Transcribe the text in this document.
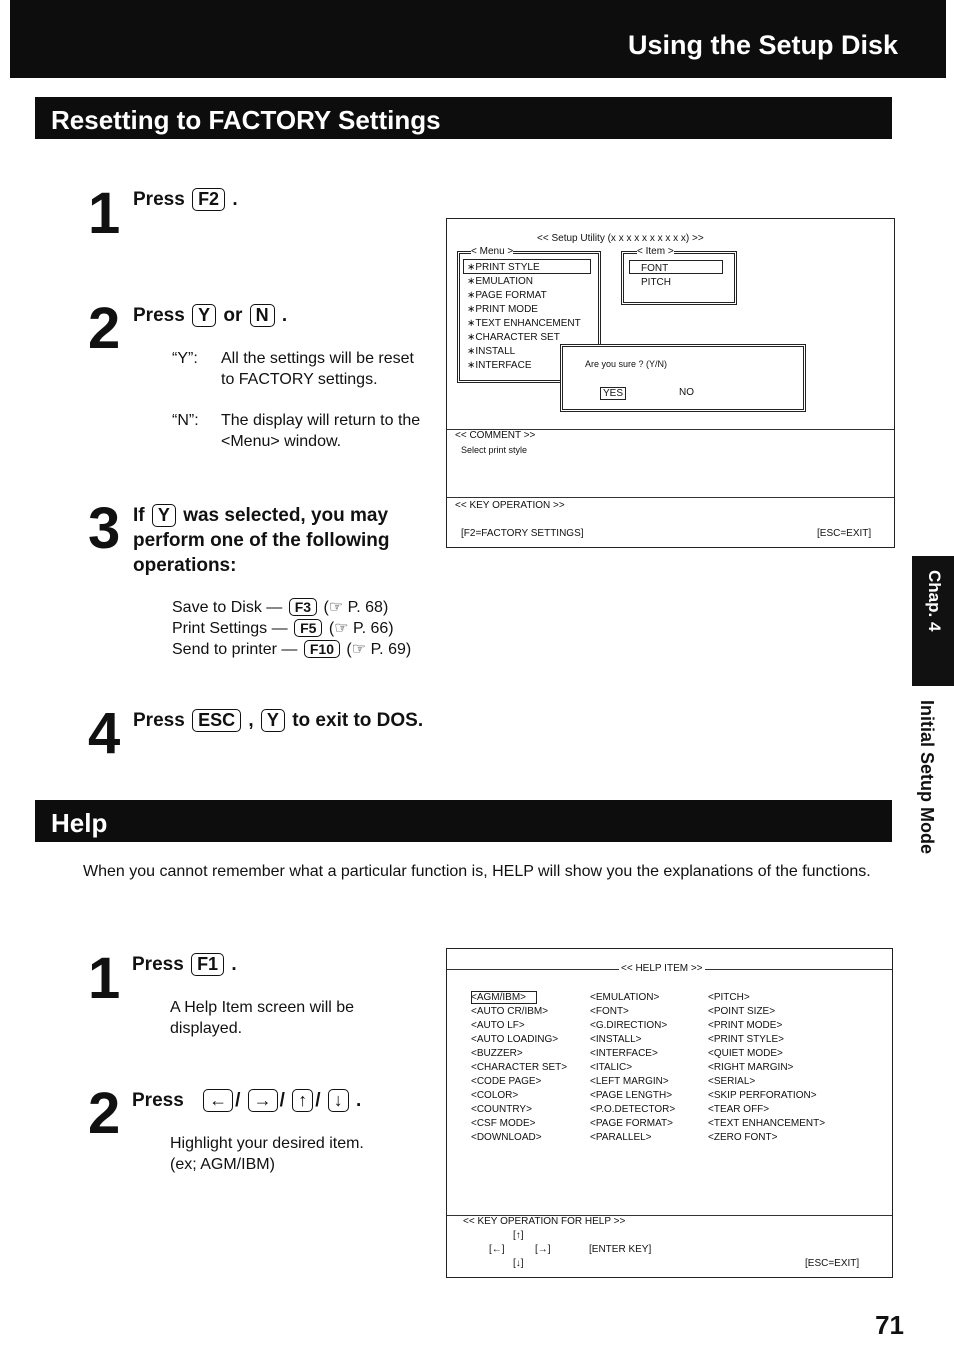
Using the Setup Disk
Resetting to FACTORY Settings
1 Press F2 .
2 Press Y or N .
“Y”: All the settings will be reset to FACTORY settings.
“N”: The display will return to the <Menu> window.
3 If Y was selected, you may perform one of the following operations:
Save to Disk — F3 (☞ P. 68)
Print Settings — F5 (☞ P. 66)
Send to printer — F10 (☞ P. 69)
4 Press ESC , Y to exit to DOS.
<< Setup Utility (x x x x x x x x x x) >>
< Menu >
∗PRINT STYLE
∗EMULATION
∗PAGE FORMAT
∗PRINT MODE
∗TEXT ENHANCEMENT
∗CHARACTER SET
∗INSTALL
∗INTERFACE
< Item >
FONT
PITCH
Are you sure ? (Y/N)
YES	NO
<< COMMENT >>
Select print style
<< KEY OPERATION >>
[F2=FACTORY SETTINGS]	[ESC=EXIT]
Chap. 4
Initial Setup Mode
Help
When you cannot remember what a particular function is, HELP will show you the explanations of the functions.
1 Press F1 .
A Help Item screen will be displayed.
2 Press ← / → / ↑ / ↓ .
Highlight your desired item.
(ex; AGM/IBM)
<< HELP ITEM >>
<AGM/IBM>
<AUTO CR/IBM>
<AUTO LF>
<AUTO LOADING>
<BUZZER>
<CHARACTER SET>
<CODE PAGE>
<COLOR>
<COUNTRY>
<CSF MODE>
<DOWNLOAD>
<EMULATION>
<FONT>
<G.DIRECTION>
<INSTALL>
<INTERFACE>
<ITALIC>
<LEFT MARGIN>
<PAGE LENGTH>
<P.O.DETECTOR>
<PAGE FORMAT>
<PARALLEL>
<PITCH>
<POINT SIZE>
<PRINT MODE>
<PRINT STYLE>
<QUIET MODE>
<RIGHT MARGIN>
<SERIAL>
<SKIP PERFORATION>
<TEAR OFF>
<TEXT ENHANCEMENT>
<ZERO FONT>
<< KEY OPERATION FOR HELP >>
[↑]
[←]	[→]	[ENTER KEY]
[↓]	[ESC=EXIT]
71
